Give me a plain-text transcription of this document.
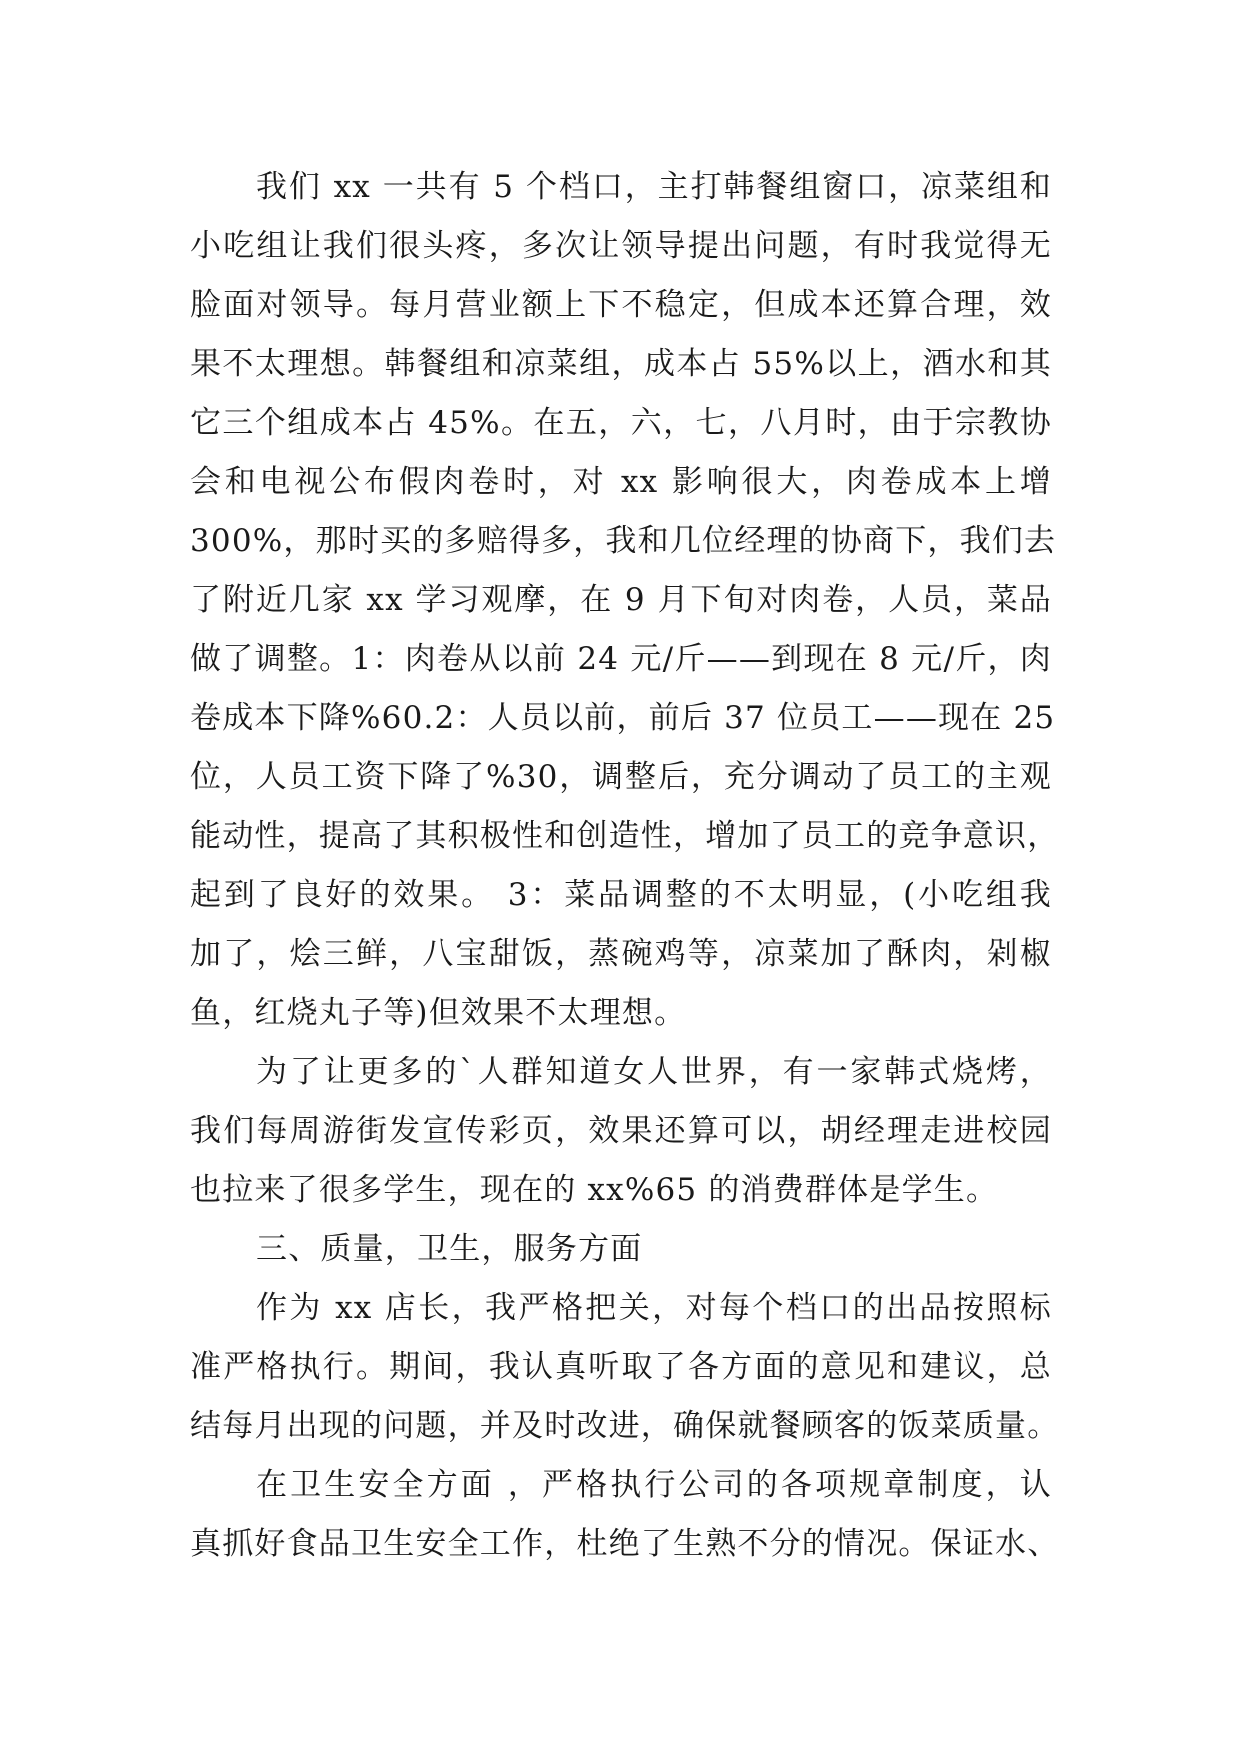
我们 xx 一共有 5 个档口，主打韩餐组窗口，凉菜组和
小吃组让我们很头疼，多次让领导提出问题，有时我觉得无
脸面对领导。每月营业额上下不稳定，但成本还算合理，效
果不太理想。韩餐组和凉菜组，成本占 55%以上，酒水和其
它三个组成本占 45%。在五，六，七，八月时，由于宗教协
会和电视公布假肉卷时，对 xx 影响很大，肉卷成本上增
300%，那时买的多赔得多，我和几位经理的协商下，我们去
了附近几家 xx 学习观摩，在 9 月下旬对肉卷，人员，菜品
做了调整。1：肉卷从以前 24 元/斤——到现在 8 元/斤，肉
卷成本下降%60.2：人员以前，前后 37 位员工——现在 25
位，人员工资下降了%30，调整后，充分调动了员工的主观
能动性，提高了其积极性和创造性，增加了员工的竞争意识，
起到了良好的效果。 3：菜品调整的不太明显，(小吃组我
加了，烩三鲜，八宝甜饭，蒸碗鸡等，凉菜加了酥肉，剁椒
鱼，红烧丸子等)但效果不太理想。
为了让更多的`人群知道女人世界，有一家韩式烧烤，
我们每周游街发宣传彩页，效果还算可以，胡经理走进校园
也拉来了很多学生，现在的 xx%65 的消费群体是学生。
三、质量，卫生，服务方面
作为 xx 店长，我严格把关，对每个档口的出品按照标
准严格执行。期间，我认真听取了各方面的意见和建议，总
结每月出现的问题，并及时改进，确保就餐顾客的饭菜质量。
在卫生安全方面 ，严格执行公司的各项规章制度，认
真抓好食品卫生安全工作，杜绝了生熟不分的情况。保证水、
